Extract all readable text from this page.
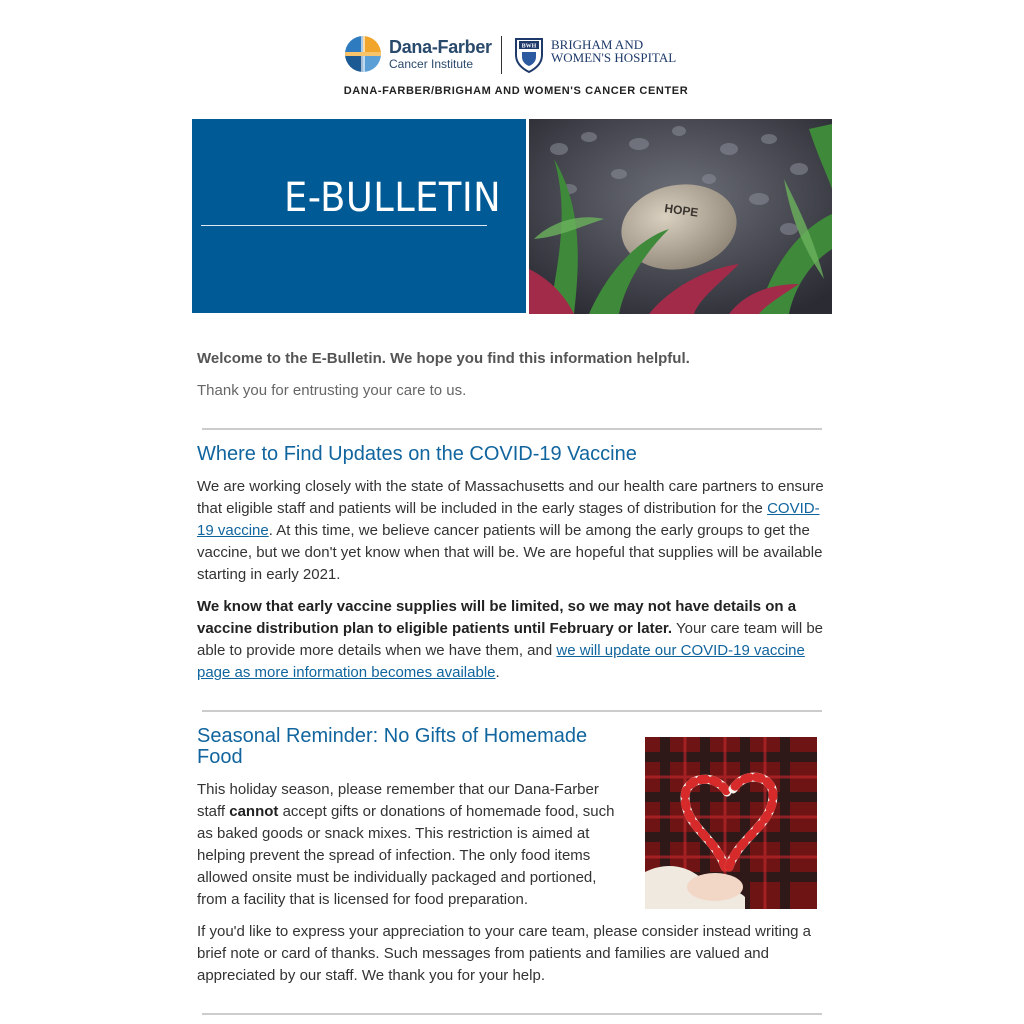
Dana-Farber
Cancer Institute
BWH BRIGHAM AND
WOMEN'S HOSPITAL
DANA-FARBER/BRIGHAM AND WOMEN'S CANCER CENTER
E-BULLETIN	HOPE
Welcome to the E-Bulletin. We hope you find this information helpful.
Thank you for entrusting your care to us.
Where to Find Updates on the COVID-19 Vaccine
We are working closely with the state of Massachusetts and our health care partners to ensure that eligible staff and patients will be included in the early stages of distribution for the COVID-19 vaccine. At this time, we believe cancer patients will be among the early groups to get the vaccine, but we don't yet know when that will be. We are hopeful that supplies will be available starting in early 2021.
We know that early vaccine supplies will be limited, so we may not have details on a vaccine distribution plan to eligible patients until February or later. Your care team will be able to provide more details when we have them, and we will update our COVID-19 vaccine page as more information becomes available.
Seasonal Reminder: No Gifts of Homemade
Food
This holiday season, please remember that our Dana-Farber staff cannot accept gifts or donations of homemade food, such as baked goods or snack mixes. This restriction is aimed at helping prevent the spread of infection. The only food items allowed onsite must be individually packaged and portioned, from a facility that is licensed for food preparation.
If you'd like to express your appreciation to your care team, please consider instead writing a brief note or card of thanks. Such messages from patients and families are valued and appreciated by our staff. We thank you for your help.
